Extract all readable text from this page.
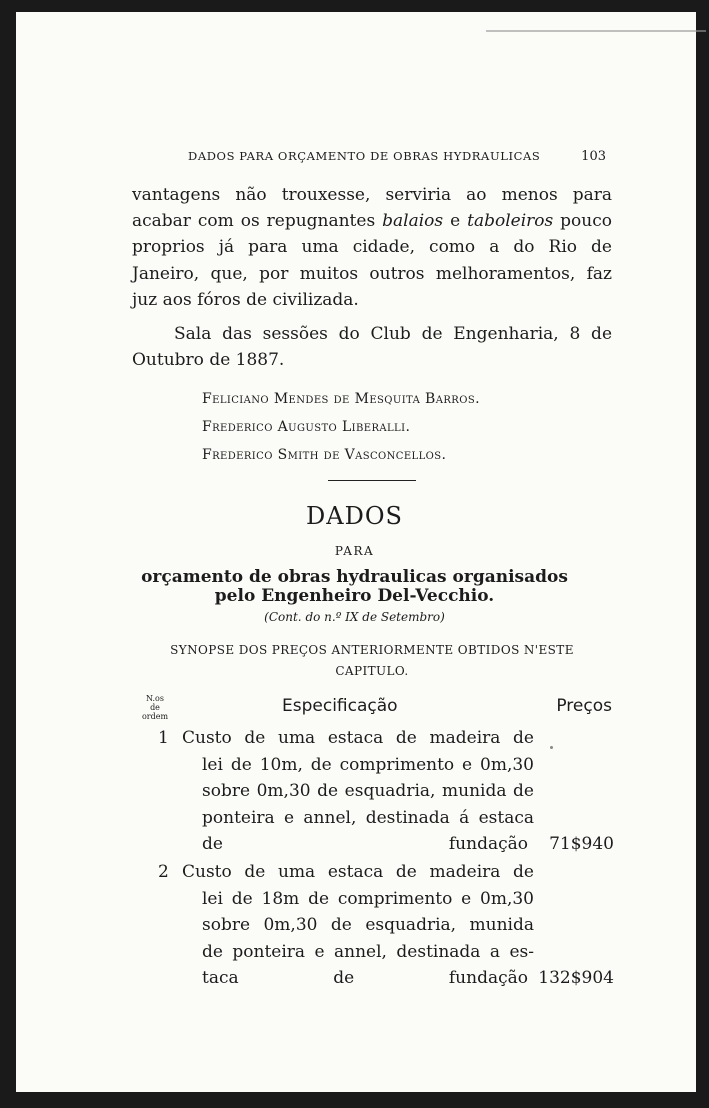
DADOS PARA ORÇAMENTO DE OBRAS HYDRAULICAS	103
vantagens não trouxesse, serviria ao menos para
acabar com os repugnantes balaios e taboleiros pouco
proprios já para uma cidade, como a do Rio de
Janeiro, que, por muitos outros melhoramentos, faz
juz aos fóros de civilizada.
Sala das sessões do Club de Engenharia, 8 de
Outubro de 1887.
Feliciano Mendes de Mesquita Barros.
Frederico Augusto Liberalli.
Frederico Smith de Vasconcellos.
DADOS
PARA
orçamento de obras hydraulicas organisados
pelo Engenheiro Del-Vecchio.
(Cont. do n.º IX de Setembro)
SYNOPSE DOS PREÇOS ANTERIORMENTE OBTIDOS N'ESTE
CAPITULO.
N.os
de
ordem
Especificação	Preços
1 Custo de uma estaca de madeira de
lei de 10m, de comprimento e 0m,30
sobre 0m,30 de esquadria, munida de
ponteira e annel, destinada á estaca
de fundação	71$940
2 Custo de uma estaca de madeira de
lei de 18m de comprimento e 0m,30
sobre 0m,30 de esquadria, munida
de ponteira e annel, destinada a es-
taca de fundação 132$904
